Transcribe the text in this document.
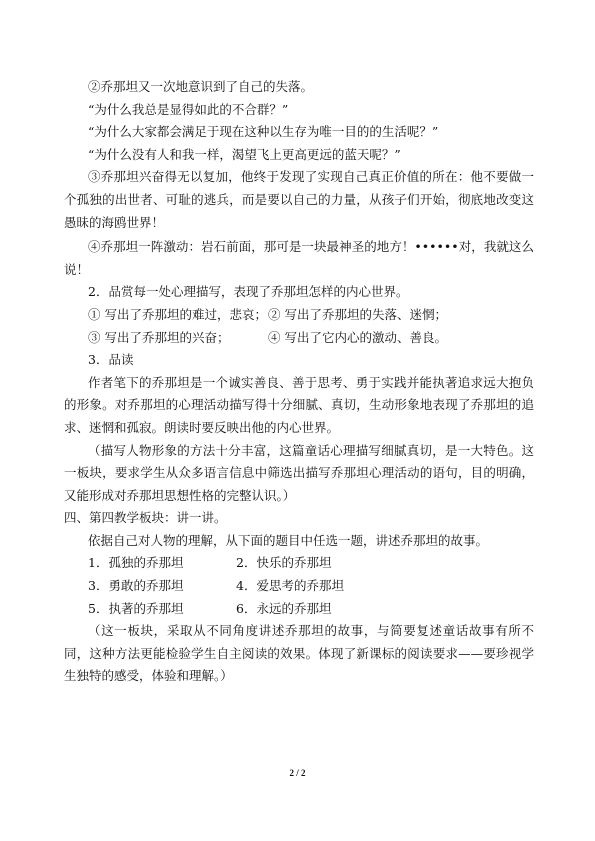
②乔那坦又一次地意识到了自己的失落。

“为什么我总是显得如此的不合群？”

“为什么大家都会满足于现在这种以生存为唯一目的的生活呢？”

“为什么没有人和我一样，渴望飞上更高更远的蓝天呢？”

③乔那坦兴奋得无以复加，他终于发现了实现自己真正价值的所在：他不要做一个孤独的出世者、可耻的逃兵，而是要以自己的力量，从孩子们开始，彻底地改变这愚昧的海鸥世界！

④乔那坦一阵激动：岩石前面，那可是一块最神圣的地方！••••••对，我就这么说！

2．品赏每一处心理描写，表现了乔那坦怎样的内心世界。

① 写出了乔那坦的难过，悲哀； ② 写出了乔那坦的失落、迷惘；
③ 写出了乔那坦的兴奋；	④ 写出了它内心的激动、善良。

3．品读

作者笔下的乔那坦是一个诚实善良、善于思考、勇于实践并能执著追求远大抱负的形象。对乔那坦的心理活动描写得十分细腻、真切，生动形象地表现了乔那坦的追求、迷惘和孤寂。朗读时要反映出他的内心世界。

（描写人物形象的方法十分丰富，这篇童话心理描写细腻真切，是一大特色。这一板块，要求学生从众多语言信息中筛选出描写乔那坦心理活动的语句，目的明确，又能形成对乔那坦思想性格的完整认识。）

四、第四教学板块：讲一讲。

依据自己对人物的理解，从下面的题目中任选一题，讲述乔那坦的故事。

1．孤独的乔那坦	2．快乐的乔那坦
3．勇敢的乔那坦	4．爱思考的乔那坦
5．执著的乔那坦	6．永远的乔那坦

（这一板块，采取从不同角度讲述乔那坦的故事，与简要复述童话故事有所不同，这种方法更能检验学生自主阅读的效果。体现了新课标的阅读要求——要珍视学生独特的感受，体验和理解。）

2 / 2
